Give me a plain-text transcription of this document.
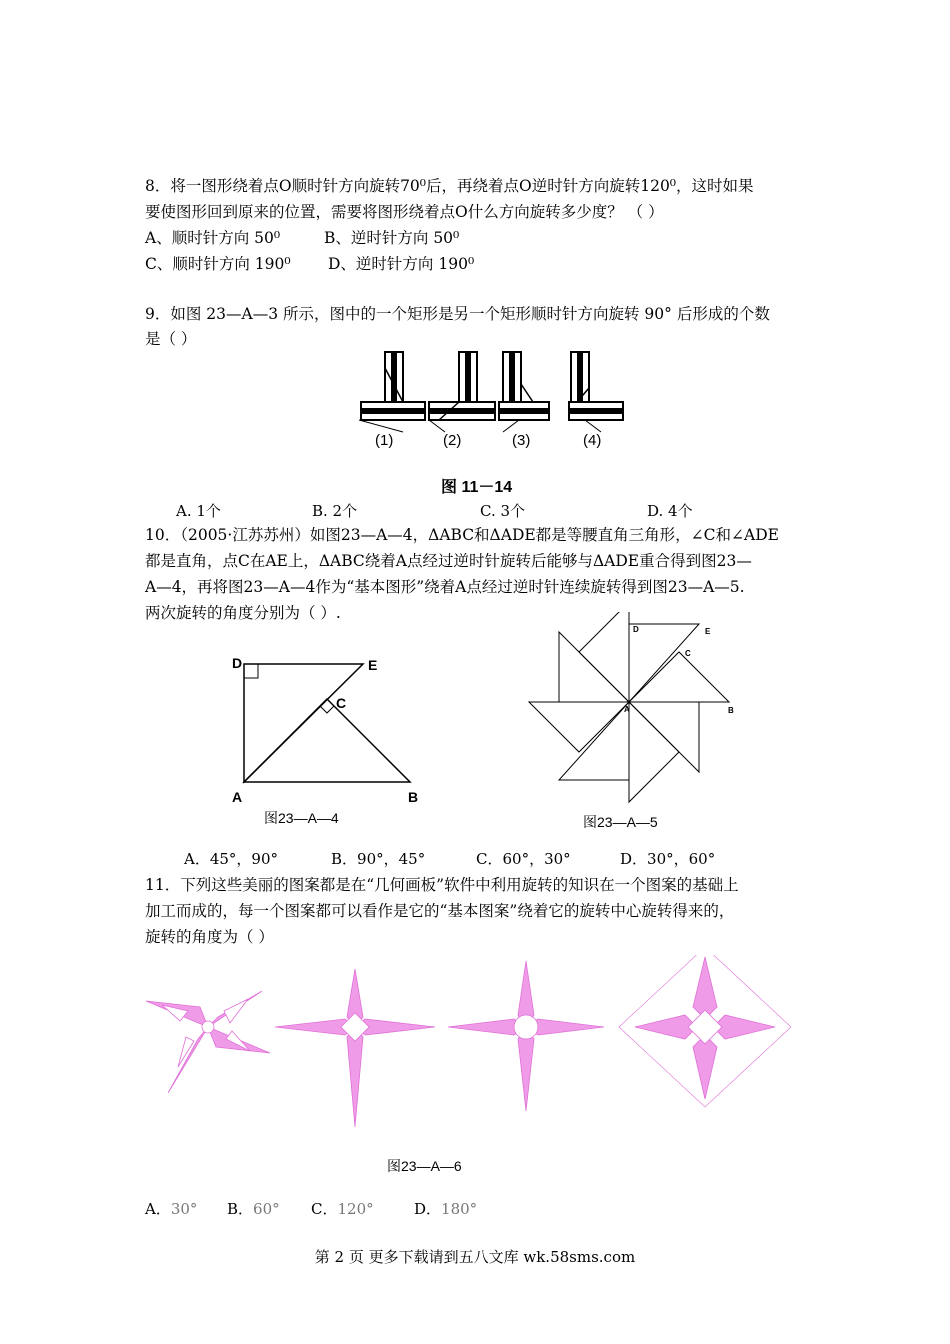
8．将一图形绕着点O顺时针方向旋转70⁰后，再绕着点O逆时针方向旋转120⁰，这时如果
要使图形回到原来的位置，需要将图形绕着点O什么方向旋转多少度？ （ ）
A、顺时针方向 50⁰	B、逆时针方向 50⁰
C、顺时针方向 190⁰ D、逆时针方向 190⁰
9．如图 23—A—3 所示，图中的一个矩形是另一个矩形顺时针方向旋转 90° 后形成的个数
是（ ）
(1)	(2)	(3)	(4)
图 11－14
A. 1个	B. 2个	C. 3个	D. 4个
10．（2005·江苏苏州）如图23—A—4，ΔABC和ΔADE都是等腰直角三角形，∠C和∠ADE
都是直角，点C在AE上，ΔABC绕着A点经过逆时针旋转后能够与ΔADE重合得到图23—
A—4，再将图23—A—4作为“基本图形”绕着A点经过逆时针连续旋转得到图23—A—5.
两次旋转的角度分别为（ ）.
D	E
C
A	B
图23—A—4
D	E
C
A	B
图23—A—5
A．45°，90°	B．90°，45°	C．60°，30°	D．30°，60°
11．下列这些美丽的图案都是在“几何画板”软件中利用旋转的知识在一个图案的基础上
加工而成的，每一个图案都可以看作是它的“基本图案”绕着它的旋转中心旋转得来的，
旋转的角度为（ ）
图23—A—6
A．30° B．60° C．120°	D．180°
第 2 页 更多下载请到五八文库 wk.58sms.com
